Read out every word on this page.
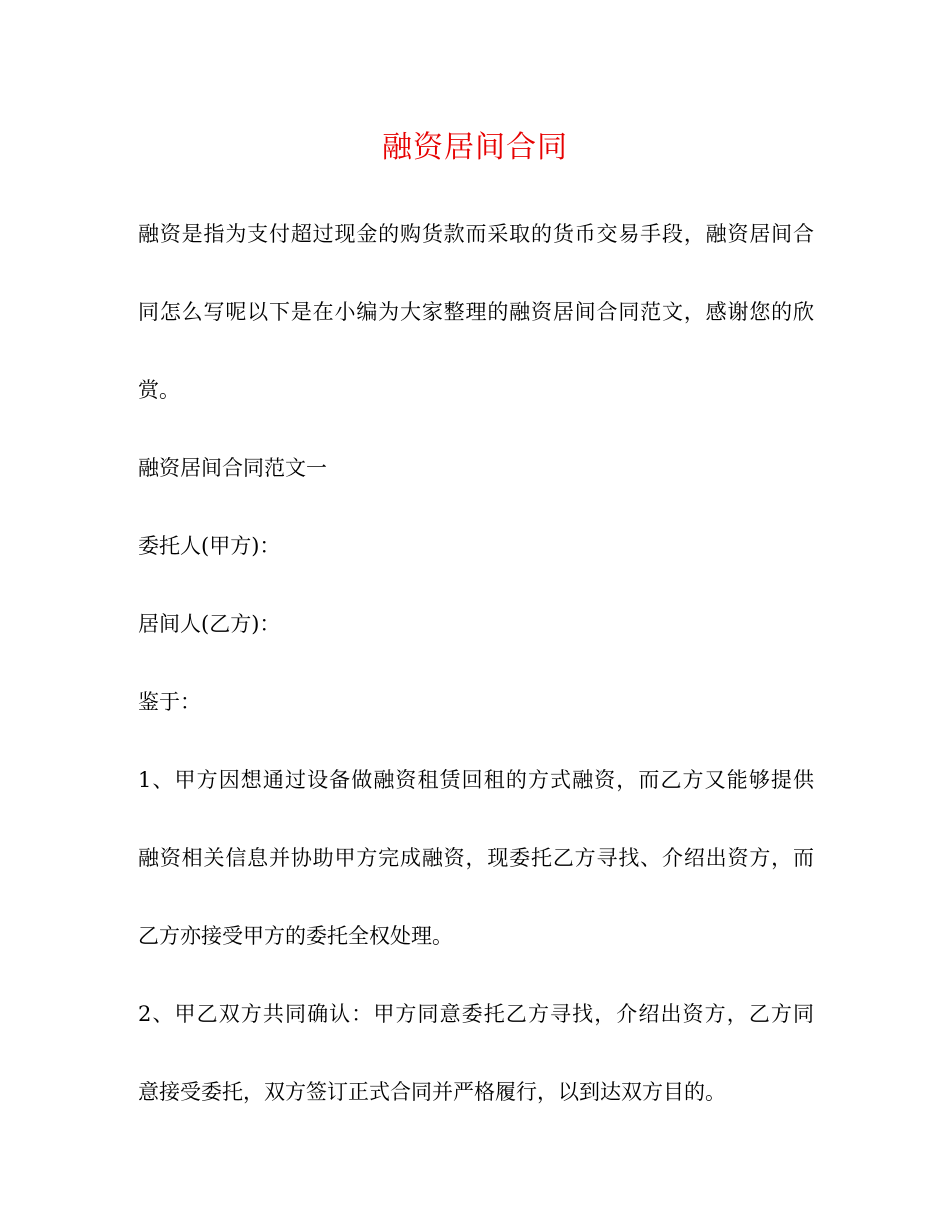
融资居间合同
融资是指为支付超过现金的购货款而采取的货币交易手段，融资居间合
同怎么写呢以下是在小编为大家整理的融资居间合同范文，感谢您的欣
赏。
融资居间合同范文一
委托人(甲方)：
居间人(乙方)：
鉴于：
1、甲方因想通过设备做融资租赁回租的方式融资，而乙方又能够提供
融资相关信息并协助甲方完成融资，现委托乙方寻找、介绍出资方，而
乙方亦接受甲方的委托全权处理。
2、甲乙双方共同确认：甲方同意委托乙方寻找，介绍出资方，乙方同
意接受委托，双方签订正式合同并严格履行，以到达双方目的。
